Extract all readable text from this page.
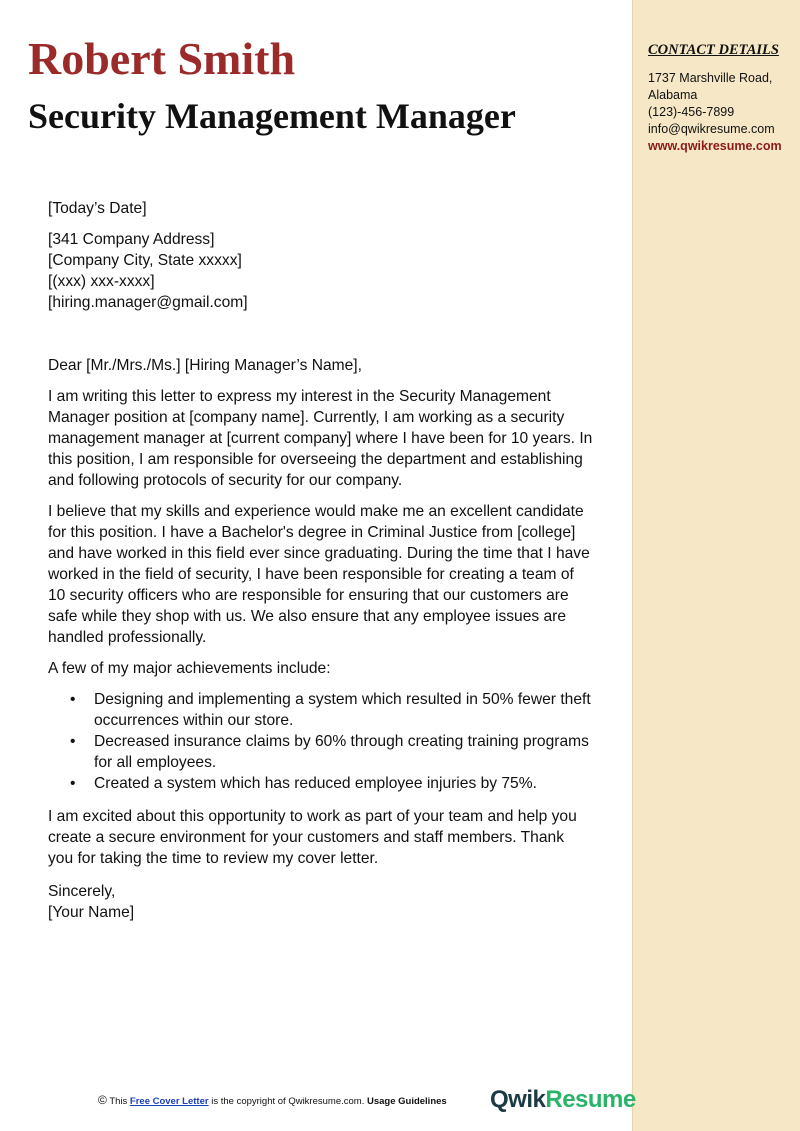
Robert Smith
Security Management Manager
CONTACT DETAILS
1737 Marshville Road,
Alabama
(123)-456-7899
info@qwikresume.com
www.qwikresume.com

[Today’s Date]

[341 Company Address]
[Company City, State xxxxx]
[(xxx) xxx-xxxx]
[hiring.manager@gmail.com]

Dear [Mr./Mrs./Ms.] [Hiring Manager’s Name],

I am writing this letter to express my interest in the Security Management Manager position at [company name]. Currently, I am working as a security management manager at [current company] where I have been for 10 years. In this position, I am responsible for overseeing the department and establishing and following protocols of security for our company.

I believe that my skills and experience would make me an excellent candidate for this position. I have a Bachelor's degree in Criminal Justice from [college] and have worked in this field ever since graduating. During the time that I have worked in the field of security, I have been responsible for creating a team of 10 security officers who are responsible for ensuring that our customers are safe while they shop with us. We also ensure that any employee issues are handled professionally.

A few of my major achievements include:

• Designing and implementing a system which resulted in 50% fewer theft occurrences within our store.
• Decreased insurance claims by 60% through creating training programs for all employees.
• Created a system which has reduced employee injuries by 75%.

I am excited about this opportunity to work as part of your team and help you create a secure environment for your customers and staff members. Thank you for taking the time to review my cover letter.

Sincerely,
[Your Name]
© This Free Cover Letter is the copyright of Qwikresume.com. Usage Guidelines QwikResume
